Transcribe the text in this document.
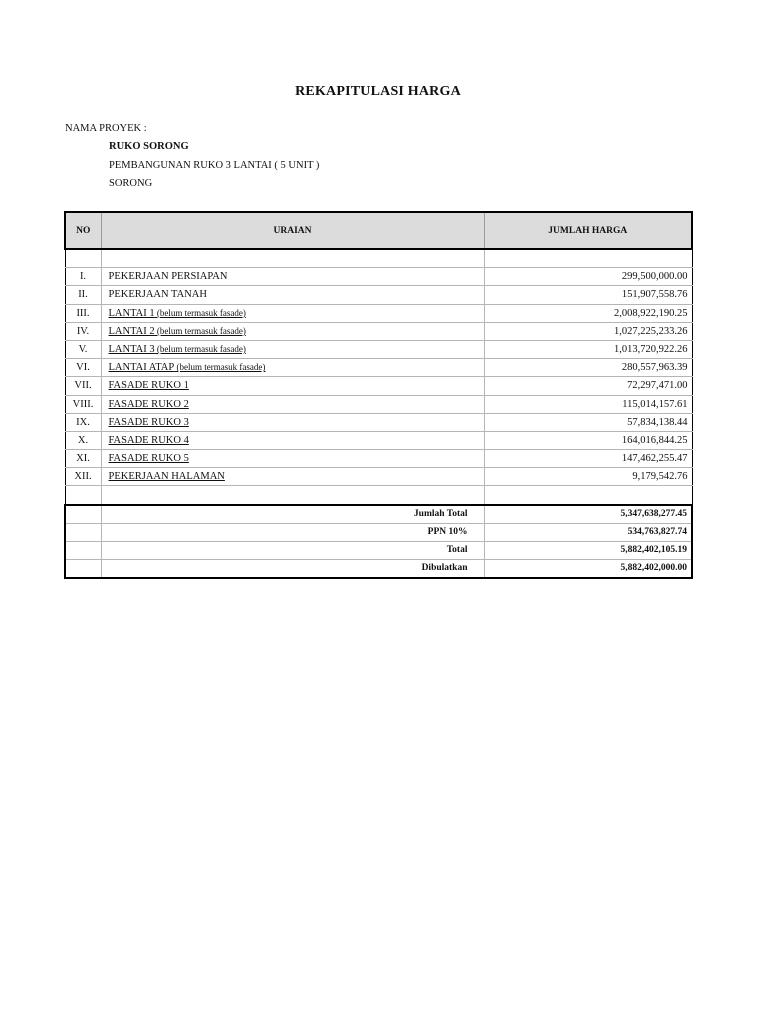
REKAPITULASI HARGA
NAMA PROYEK :
RUKO SORONG
PEMBANGUNAN RUKO 3 LANTAI ( 5 UNIT )
SORONG
NO	URAIAN	JUMLAH HARGA

I.	PEKERJAAN PERSIAPAN	299,500,000.00
II.	PEKERJAAN TANAH	151,907,558.76
III.	LANTAI 1 (belum termasuk fasade)	2,008,922,190.25
IV.	LANTAI 2 (belum termasuk fasade)	1,027,225,233.26
V.	LANTAI 3 (belum termasuk fasade)	1,013,720,922.26
VI.	LANTAI ATAP (belum termasuk fasade)	280,557,963.39
VII.	FASADE RUKO 1	72,297,471.00
VIII.	FASADE RUKO 2	115,014,157.61
IX.	FASADE RUKO 3	57,834,138.44
X.	FASADE RUKO 4	164,016,844.25
XI.	FASADE RUKO 5	147,462,255.47
XII.	PEKERJAAN HALAMAN	9,179,542.76

	Jumlah Total	5,347,638,277.45
	PPN 10%	534,763,827.74
	Total	5,882,402,105.19
	Dibulatkan	5,882,402,000.00
